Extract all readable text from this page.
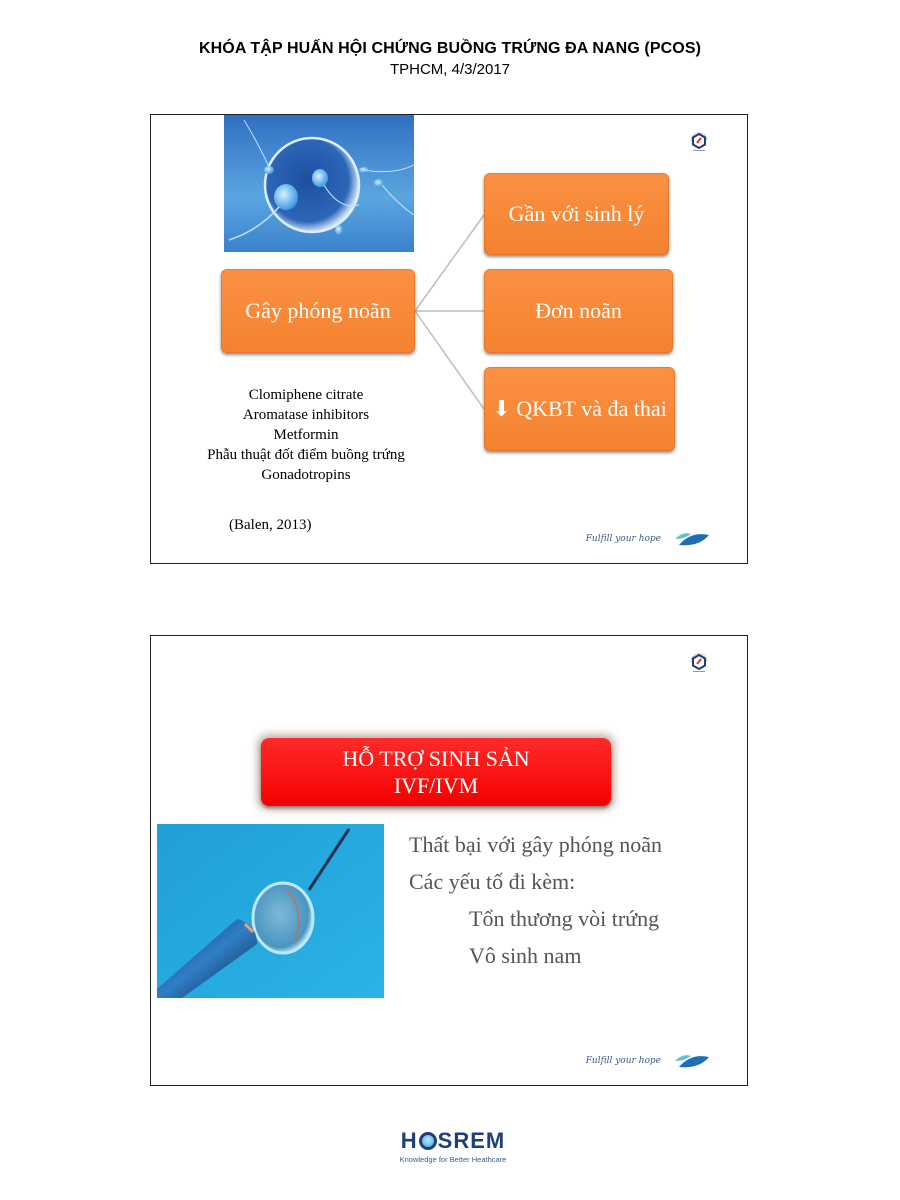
KHÓA TẬP HUẤN HỘI CHỨNG BUỒNG TRỨNG ĐA NANG (PCOS)
TPHCM, 4/3/2017
Gây phóng noãn
Gần với sinh lý
Đơn noãn
⬇ QKBT và đa thai
Clomiphene citrate
Aromatase inhibitors
Metformin
Phẫu thuật đốt điểm buồng trứng
Gonadotropins
(Balen, 2013)
Fulfill your hope
HỖ TRỢ SINH SẢN
IVF/IVM
Thất bại với gây phóng noãn
Các yếu tố đi kèm:
Tổn thương vòi trứng
Vô sinh nam
Fulfill your hope
H SREM
Knowledge for Better Heathcare
